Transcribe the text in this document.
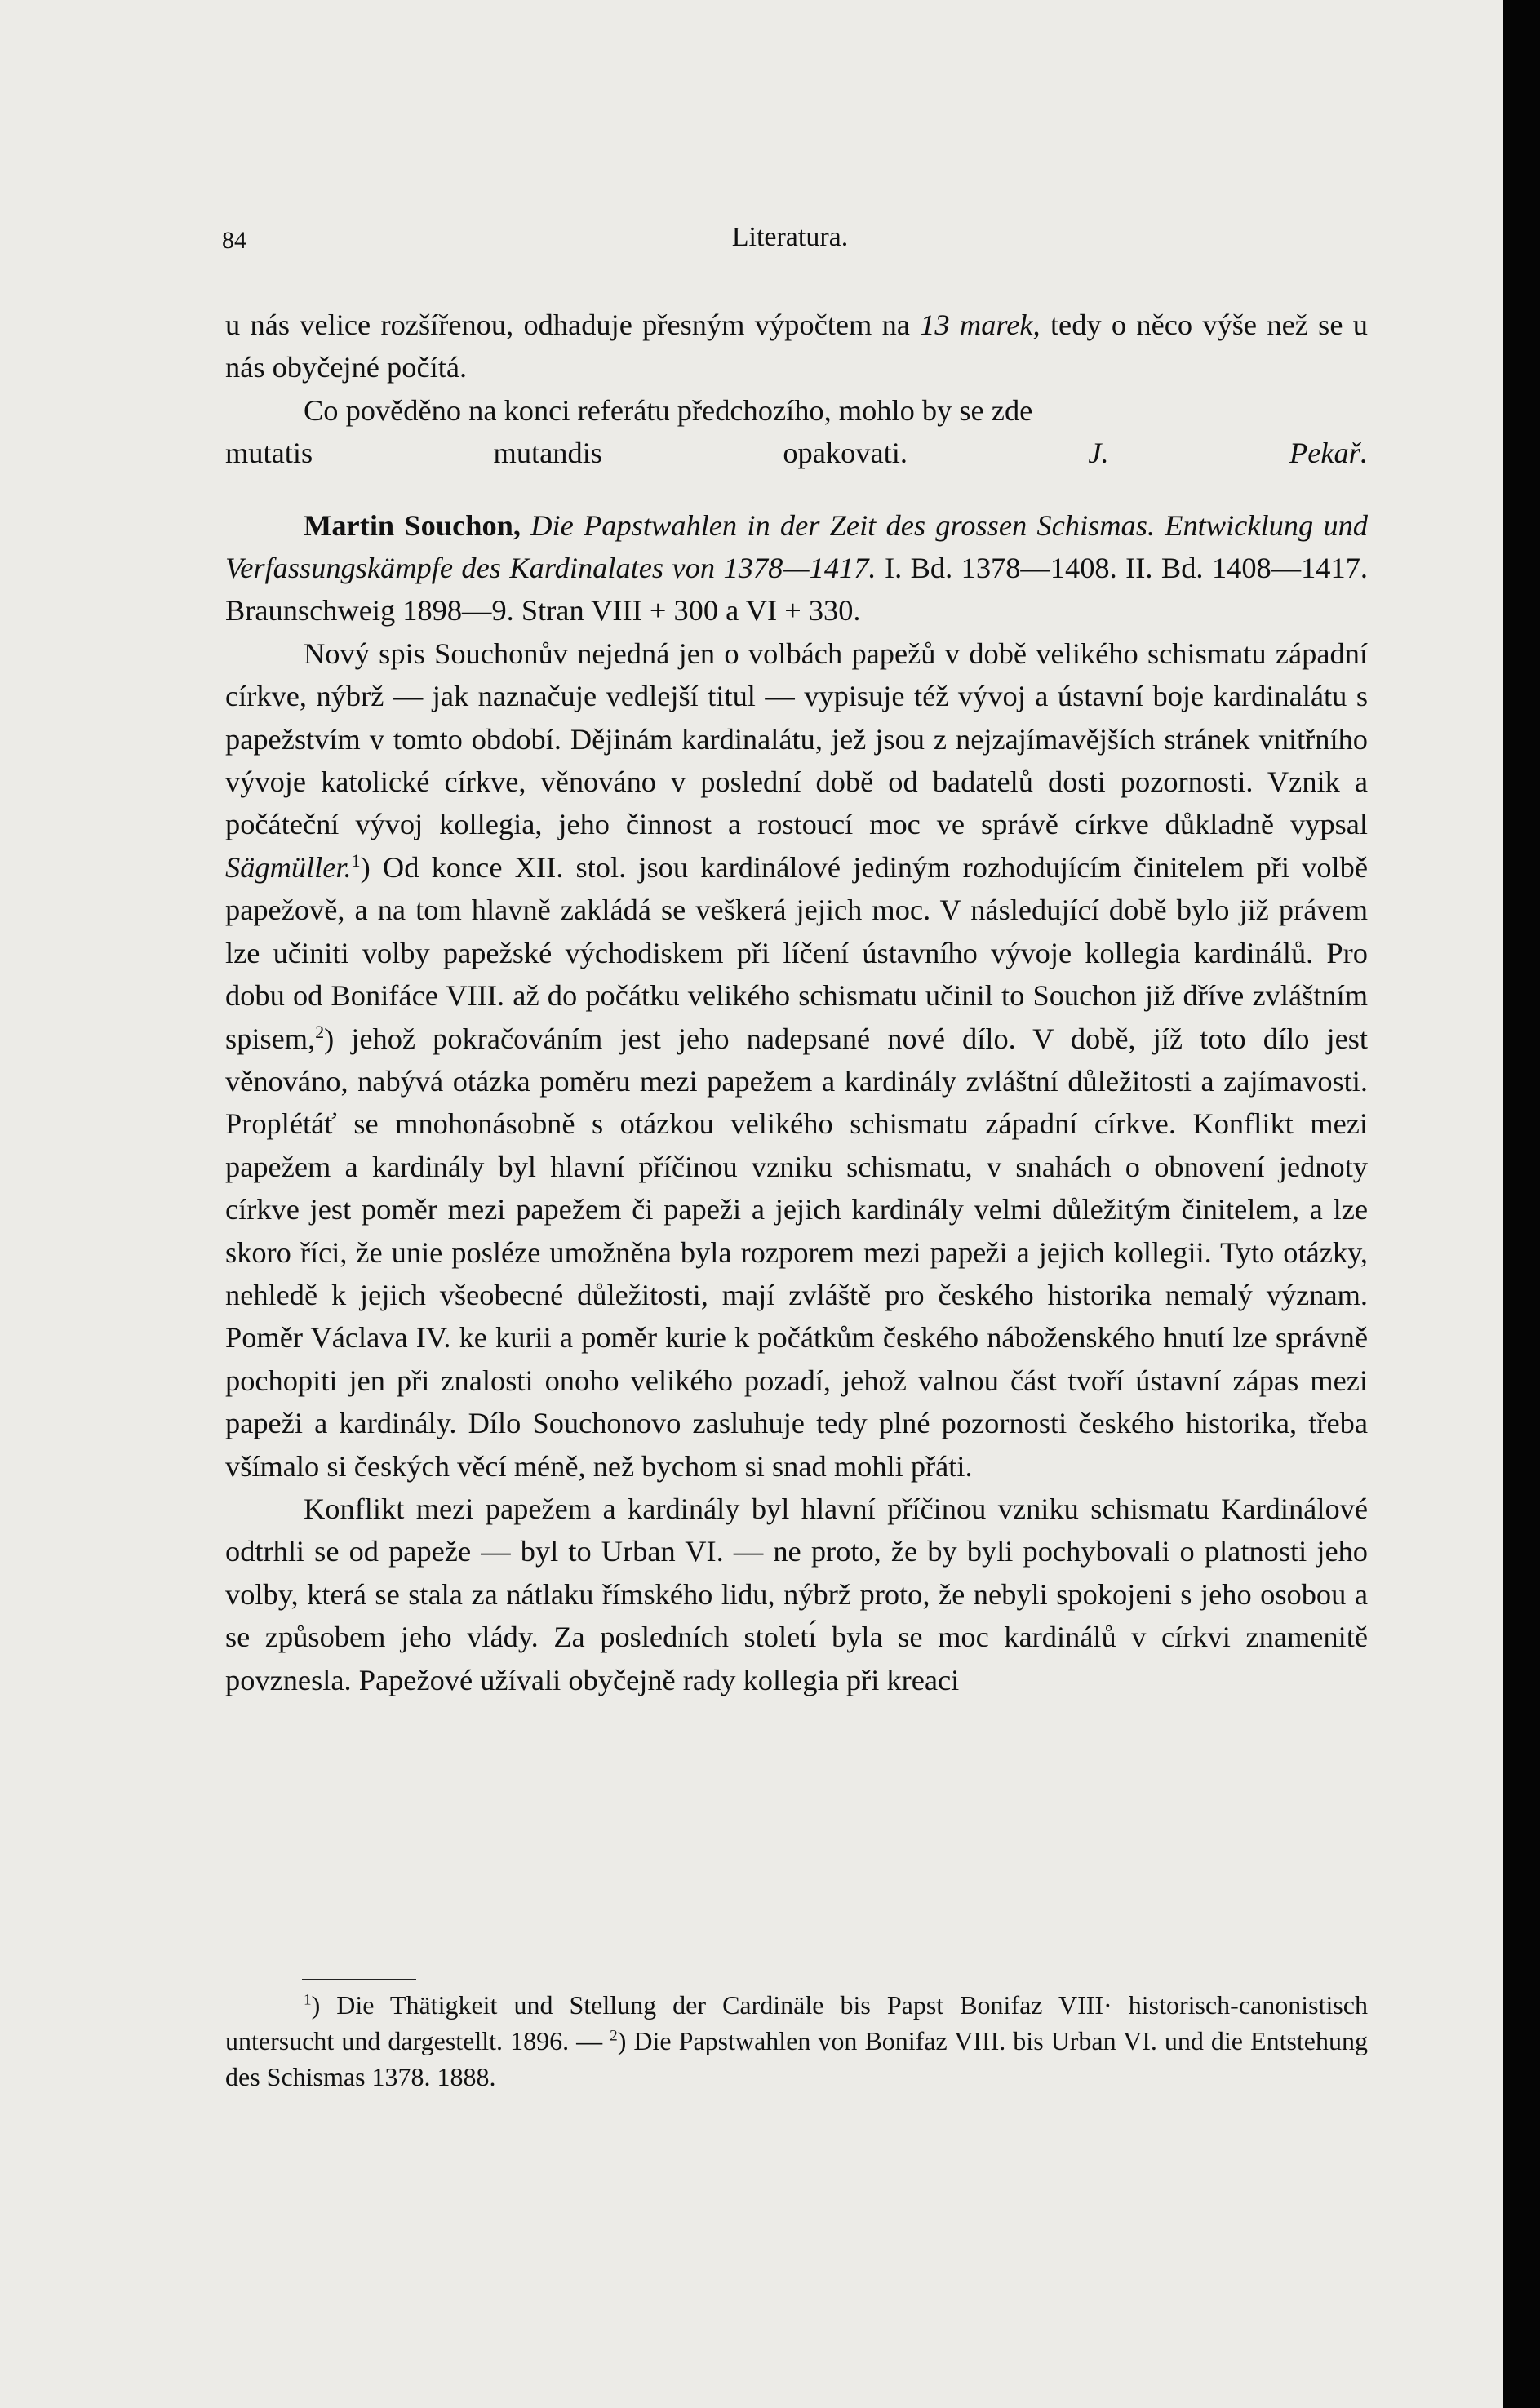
84	Literatura.

u nás velice rozšířenou, odhaduje přesným výpočtem na 13 marek, tedy o něco výše než se u nás obyčejné počítá.

Co pověděno na konci referátu předchozího, mohlo by se zde

mutatis mutandis opakovati.	J. Pekař.

Martin Souchon, Die Papstwahlen in der Zeit des grossen Schismas. Entwicklung und Verfassungskämpfe des Kardinalates von 1378—1417. I. Bd. 1378—1408. II. Bd. 1408—1417. Braunschweig 1898—9. Stran VIII + 300 a VI + 330.

Nový spis Souchonův nejedná jen o volbách papežů v době velikého schismatu západní církve, nýbrž — jak naznačuje vedlejší titul — vypisuje též vývoj a ústavní boje kardinalátu s papežstvím v tomto období. Dějinám kardinalátu, jež jsou z nejzajímavějších stránek vnitřního vývoje katolické církve, věnováno v poslední době od badatelů dosti pozornosti. Vznik a počáteční vývoj kollegia, jeho činnost a rostoucí moc ve správě církve důkladně vypsal Sägmüller.$^1$) Od konce XII. stol. jsou kardinálové jediným rozhodujícím činitelem při volbě papežově, a na tom hlavně zakládá se veškerá jejich moc. V následující době bylo již právem lze učiniti volby papežské východiskem při líčení ústavního vývoje kollegia kardinálů. Pro dobu od Bonifáce VIII. až do počátku velikého schismatu učinil to Souchon již dříve zvláštním spisem,$^2$) jehož pokračováním jest jeho nadepsané nové dílo. V době, jíž toto dílo jest věnováno, nabývá otázka poměru mezi papežem a kardinály zvláštní důležitosti a zajímavosti. Proplétáť se mnohonásobně s otázkou velikého schismatu západní církve. Konflikt mezi papežem a kardinály byl hlavní příčinou vzniku schismatu, v snahách o obnovení jednoty církve jest poměr mezi papežem či papeži a jejich kardinály velmi důležitým činitelem, a lze skoro říci, že unie posléze umožněna byla rozporem mezi papeži a jejich kollegii. Tyto otázky, nehledě k jejich všeobecné důležitosti, mají zvláště pro českého historika nemalý význam. Poměr Václava IV. ke kurii a poměr kurie k počátkům českého náboženského hnutí lze správně pochopiti jen při znalosti onoho velikého pozadí, jehož valnou část tvoří ústavní zápas mezi papeži a kardinály. Dílo Souchonovo zasluhuje tedy plné pozornosti českého historika, třeba všímalo si českých věcí méně, než bychom si snad mohli přáti.

Konflikt mezi papežem a kardinály byl hlavní příčinou vzniku schismatu Kardinálové odtrhli se od papeže — byl to Urban VI. — ne proto, že by byli pochybovali o platnosti jeho volby, která se stala za nátlaku římského lidu, nýbrž proto, že nebyli spokojeni s jeho osobou a se způsobem jeho vlády. Za posledních stoletı́ byla se moc kardinálů v církvi znamenitě povznesla. Papežové užívali obyčejně rady kollegia při kreaci

$^1$) Die Thätigkeit und Stellung der Cardinäle bis Papst Bonifaz VIII· historisch-canonistisch untersucht und dargestellt. 1896. — $^2$) Die Papstwahlen von Bonifaz VIII. bis Urban VI. und die Entstehung des Schismas 1378. 1888.
